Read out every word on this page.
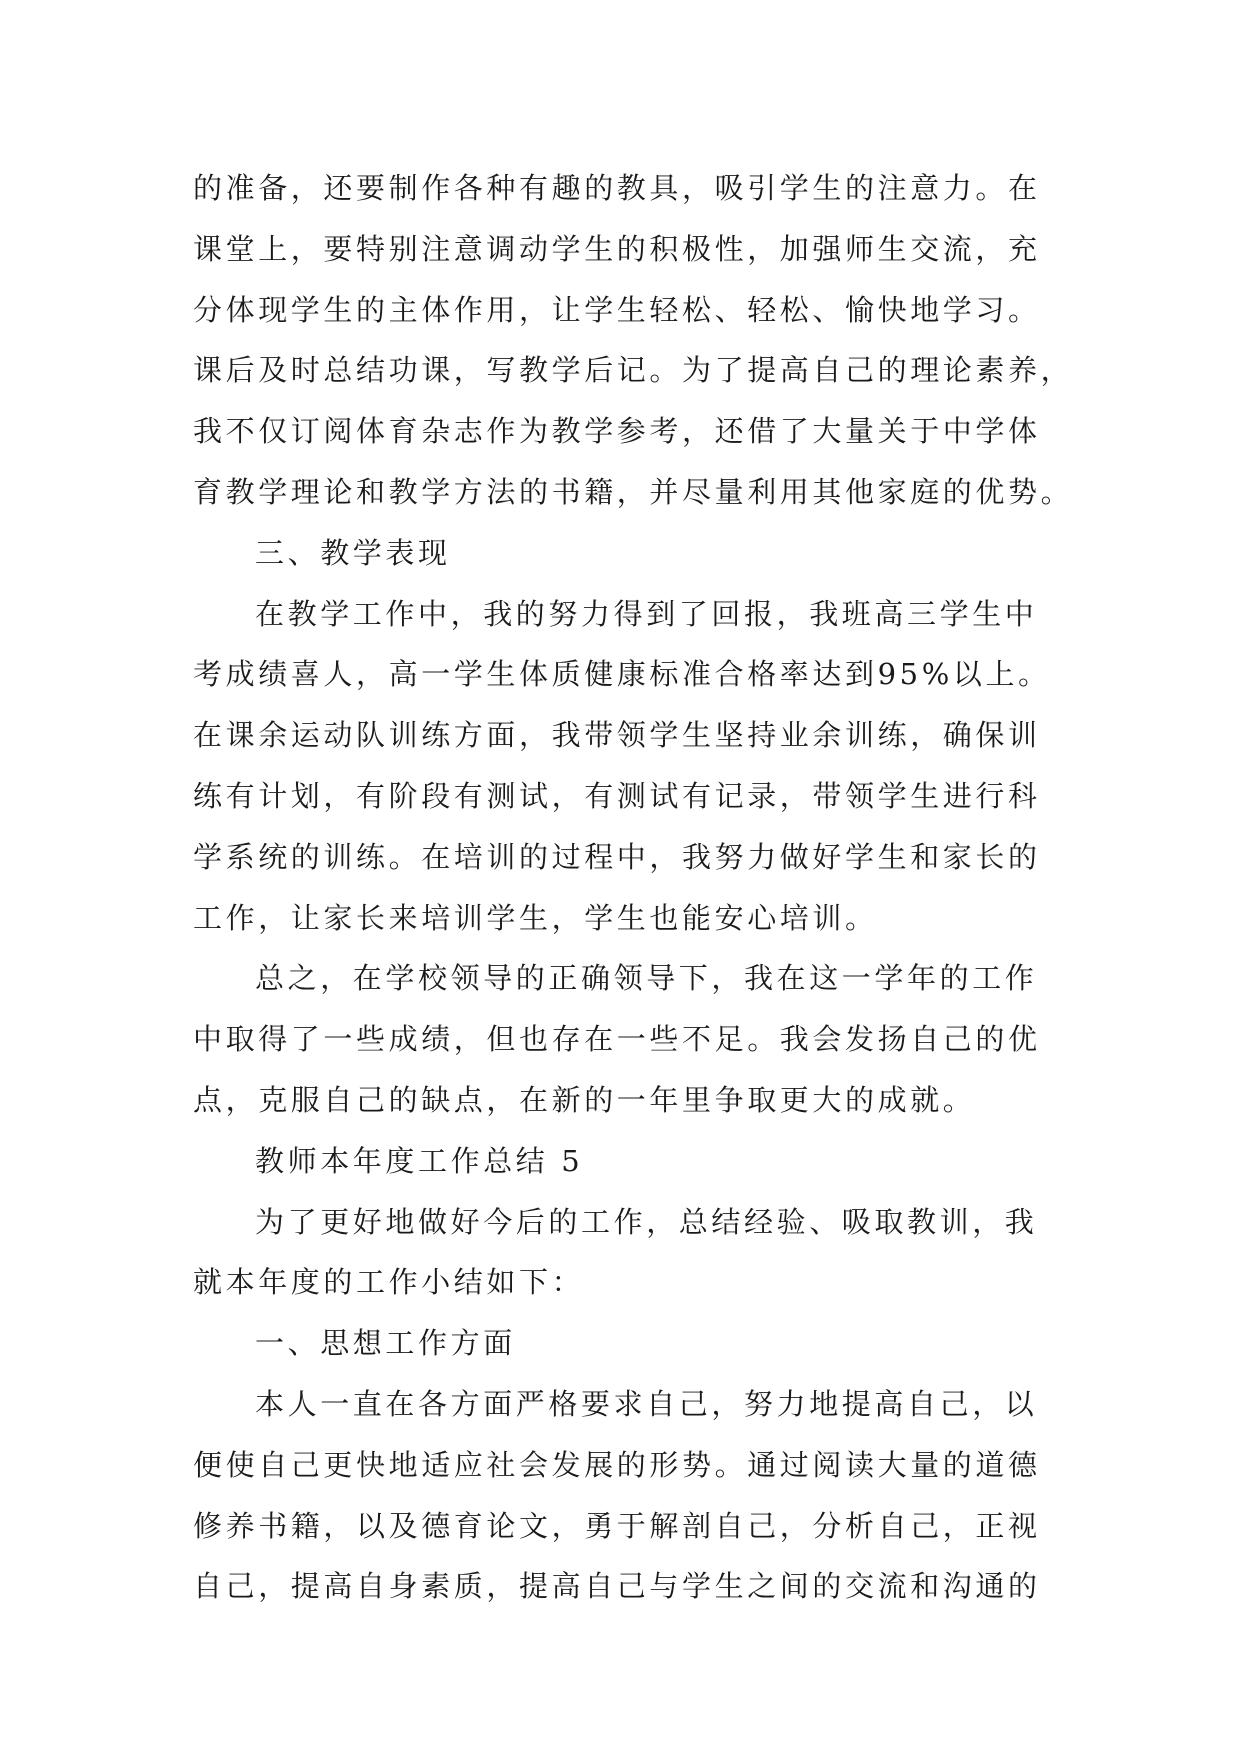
的准备，还要制作各种有趣的教具，吸引学生的注意力。在
课堂上，要特别注意调动学生的积极性，加强师生交流，充
分体现学生的主体作用，让学生轻松、轻松、愉快地学习。
课后及时总结功课，写教学后记。为了提高自己的理论素养，
我不仅订阅体育杂志作为教学参考，还借了大量关于中学体
育教学理论和教学方法的书籍，并尽量利用其他家庭的优势。
三、教学表现
在教学工作中，我的努力得到了回报，我班高三学生中
考成绩喜人，高一学生体质健康标准合格率达到95%以上。
在课余运动队训练方面，我带领学生坚持业余训练，确保训
练有计划，有阶段有测试，有测试有记录，带领学生进行科
学系统的训练。在培训的过程中，我努力做好学生和家长的
工作，让家长来培训学生，学生也能安心培训。
总之，在学校领导的正确领导下，我在这一学年的工作
中取得了一些成绩，但也存在一些不足。我会发扬自己的优
点，克服自己的缺点，在新的一年里争取更大的成就。
教师本年度工作总结 5
为了更好地做好今后的工作，总结经验、吸取教训，我
就本年度的工作小结如下：
一、思想工作方面
本人一直在各方面严格要求自己，努力地提高自己，以
便使自己更快地适应社会发展的形势。通过阅读大量的道德
修养书籍，以及德育论文，勇于解剖自己，分析自己，正视
自己，提高自身素质，提高自己与学生之间的交流和沟通的
